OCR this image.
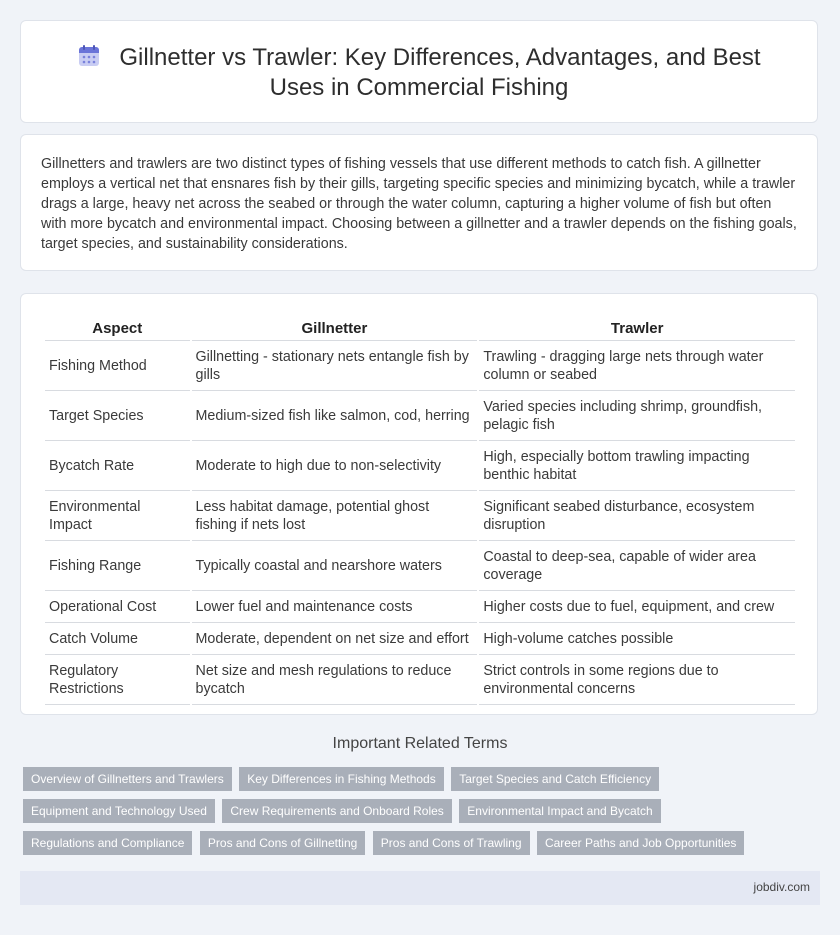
Gillnetter vs Trawler: Key Differences, Advantages, and Best Uses in Commercial Fishing
Gillnetters and trawlers are two distinct types of fishing vessels that use different methods to catch fish. A gillnetter employs a vertical net that ensnares fish by their gills, targeting specific species and minimizing bycatch, while a trawler drags a large, heavy net across the seabed or through the water column, capturing a higher volume of fish but often with more bycatch and environmental impact. Choosing between a gillnetter and a trawler depends on the fishing goals, target species, and sustainability considerations.
Aspect	Gillnetter	Trawler
Fishing Method	Gillnetting - stationary nets entangle fish by gills	Trawling - dragging large nets through water column or seabed
Target Species	Medium-sized fish like salmon, cod, herring	Varied species including shrimp, groundfish, pelagic fish
Bycatch Rate	Moderate to high due to non-selectivity	High, especially bottom trawling impacting benthic habitat
Environmental Impact	Less habitat damage, potential ghost fishing if nets lost	Significant seabed disturbance, ecosystem disruption
Fishing Range	Typically coastal and nearshore waters	Coastal to deep-sea, capable of wider area coverage
Operational Cost	Lower fuel and maintenance costs	Higher costs due to fuel, equipment, and crew
Catch Volume	Moderate, dependent on net size and effort	High-volume catches possible
Regulatory Restrictions	Net size and mesh regulations to reduce bycatch	Strict controls in some regions due to environmental concerns
Important Related Terms
Overview of Gillnetters and Trawlers Key Differences in Fishing Methods Target Species and Catch Efficiency Equipment and Technology Used Crew Requirements and Onboard Roles Environmental Impact and Bycatch Regulations and Compliance Pros and Cons of Gillnetting Pros and Cons of Trawling Career Paths and Job Opportunities
jobdiv.com
